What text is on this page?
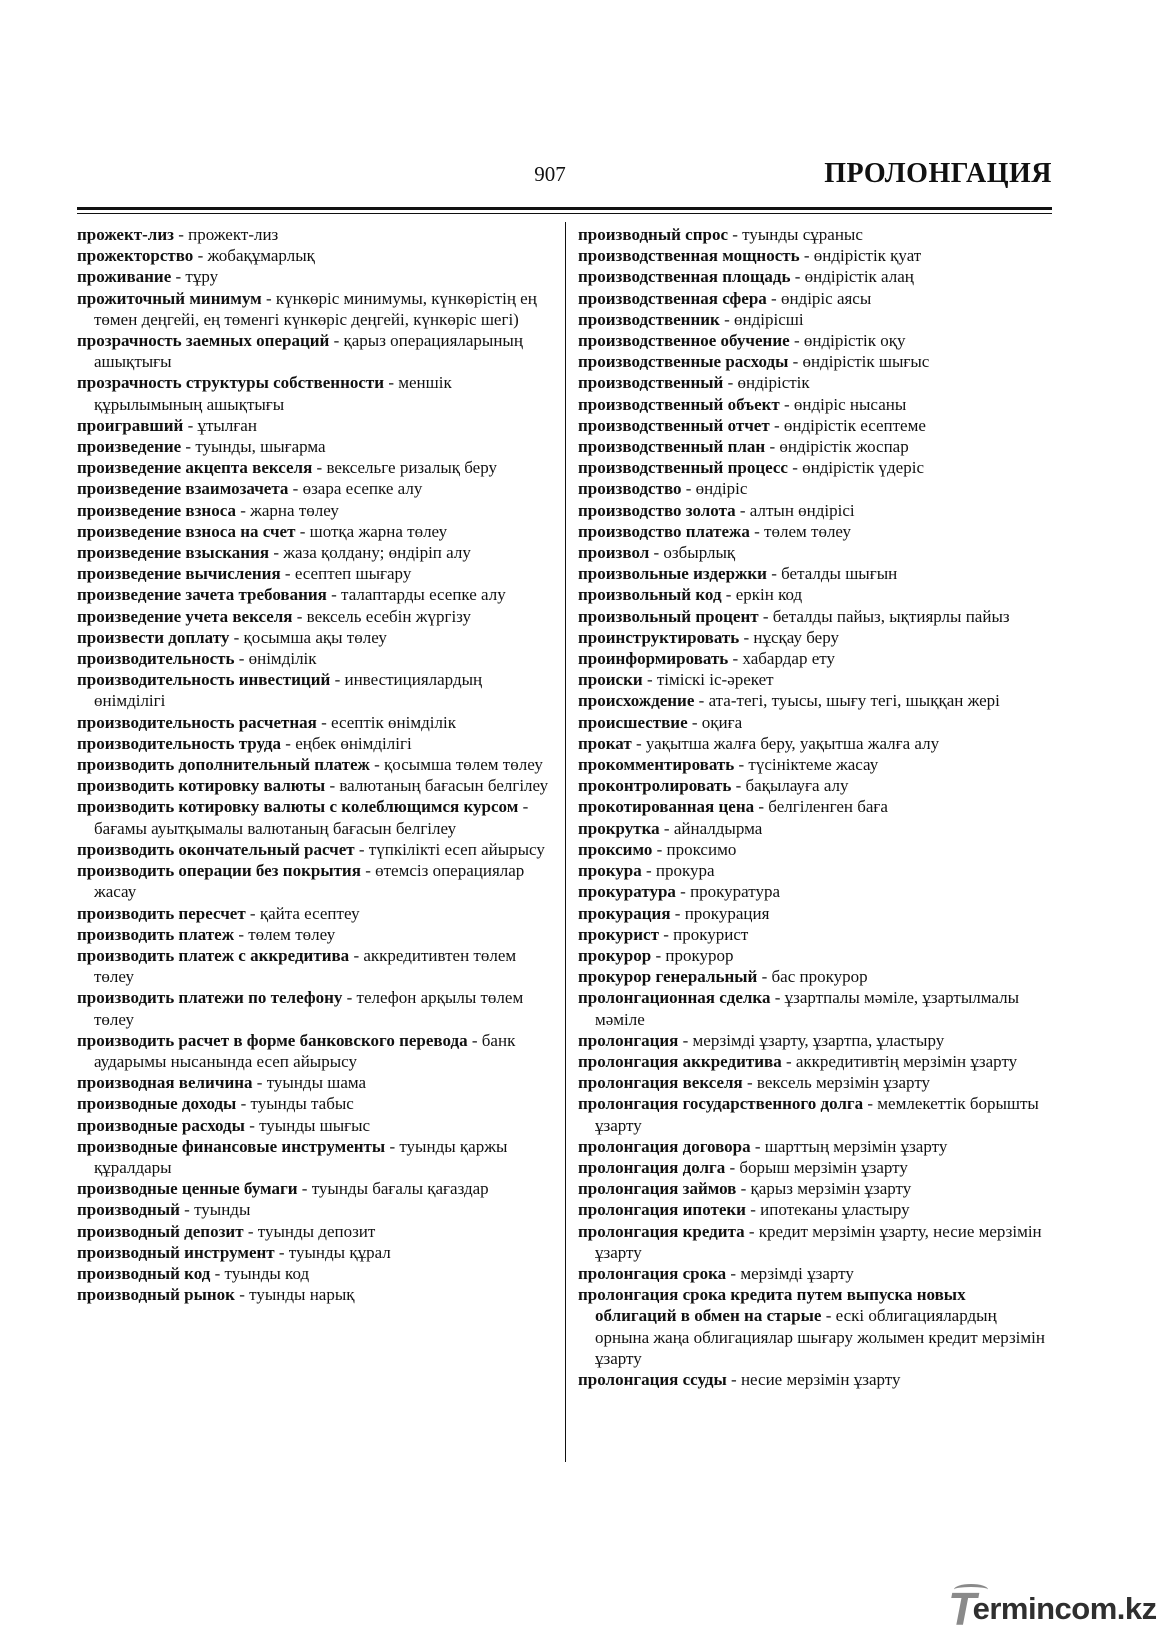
907	ПРОЛОНГАЦИЯ

прожект-лиз - прожект-лиз

прожекторство - жобақұмарлық

проживание - тұру

прожиточный минимум - күнкөріс минимумы, күнкөрістің ең төмен деңгейі, ең төменгі күнкөріс деңгейі, күнкөріс шегі)

прозрачность заемных операций - қарыз операцияларының ашықтығы

прозрачность структуры собственности - меншік құрылымының ашықтығы

проигравший - ұтылған

произведение - туынды, шығарма

произведение акцепта векселя - вексельге ризалық беру

произведение взаимозачета - өзара есепке алу

произведение взноса - жарна төлеу

произведение взноса на счет - шотқа жарна төлеу

произведение взыскания - жаза қолдану; өндіріп алу

произведение вычисления - есептеп шығару

произведение зачета требования - талаптарды есепке алу

произведение учета векселя - вексель есебін жүргізу

произвести доплату - қосымша ақы төлеу

производительность - өнімділік

производительность инвестиций - инвестициялардың өнімділігі

производительность расчетная - есептік өнімділік

производительность труда - еңбек өнімділігі

производить дополнительный платеж - қосымша төлем төлеу

производить котировку валюты - валютаның бағасын белгілеу

производить котировку валюты с колеблющимся курсом - бағамы ауытқымалы валютаның бағасын белгілеу

производить окончательный расчет - түпкілікті есеп айырысу

производить операции без покрытия - өтемсіз операциялар жасау

производить пересчет - қайта есептеу

производить платеж - төлем төлеу

производить платеж с аккредитива - аккредитивтен төлем төлеу

производить платежи по телефону - телефон арқылы төлем төлеу

производить расчет в форме банковского перевода - банк аударымы нысанында есеп айырысу

производная величина - туынды шама

производные доходы - туынды табыс

производные расходы - туынды шығыс

производные финансовые инструменты - туынды қаржы құралдары

производные ценные бумаги - туынды бағалы қағаздар

производный - туынды

производный депозит - туынды депозит

производный инструмент - туынды құрал

производный код - туынды код

производный рынок - туынды нарық

производный спрос - туынды сұраныс

производственная мощность - өндірістік қуат

производственная площадь - өндірістік алаң

производственная сфера - өндіріс аясы

производственник - өндірісші

производственное обучение - өндірістік оқу

производственные расходы - өндірістік шығыс

производственный - өндірістік

производственный объект - өндіріс нысаны

производственный отчет - өндірістік есептеме

производственный план - өндірістік жоспар

производственный процесс - өндірістік үдеріс

производство - өндіріс

производство золота - алтын өндірісі

производство платежа - төлем төлеу

произвол - озбырлық

произвольные издержки - беталды шығын

произвольный код - еркін код

произвольный процент - беталды пайыз, ықтиярлы пайыз

проинструктировать - нұсқау беру

проинформировать - хабардар ету

происки - тімiскі іс-әрекет

происхождение - ата-тегі, туысы, шығу тегі, шыққан жері

происшествие - оқиға

прокат - уақытша жалға беру, уақытша жалға алу

прокомментировать - түсініктеме жасау

проконтролировать - бақылауға алу

прокотированная цена - белгіленген баға

прокрутка - айналдырма

проксимо - проксимо

прокура - прокура

прокуратура - прокуратура

прокурация - прокурация

прокурист - прокурист

прокурор - прокурор

прокурор генеральный - бас прокурор

пролонгационная сделка - ұзартпалы мәміле, ұзартылмалы мәміле

пролонгация - мерзімді ұзарту, ұзартпа, ұластыру

пролонгация аккредитива - аккредитивтің мерзімін ұзарту

пролонгация векселя - вексель мерзімін ұзарту

пролонгация государственного долга - мемлекеттік борышты ұзарту

пролонгация договора - шарттың мерзімін ұзарту

пролонгация долга - борыш мерзімін ұзарту

пролонгация займов - қарыз мерзімін ұзарту

пролонгация ипотеки - ипотеканы ұластыру

пролонгация кредита - кредит мерзімін ұзарту, несие мерзімін ұзарту

пролонгация срока - мерзімді ұзарту

пролонгация срока кредита путем выпуска новых облигаций в обмен на старые - ескі облигациялардың орнына жаңа облигациялар шығару жолымен кредит мерзімін ұзарту

пролонгация ссуды - несие мерзімін ұзарту

Termincom.kz
